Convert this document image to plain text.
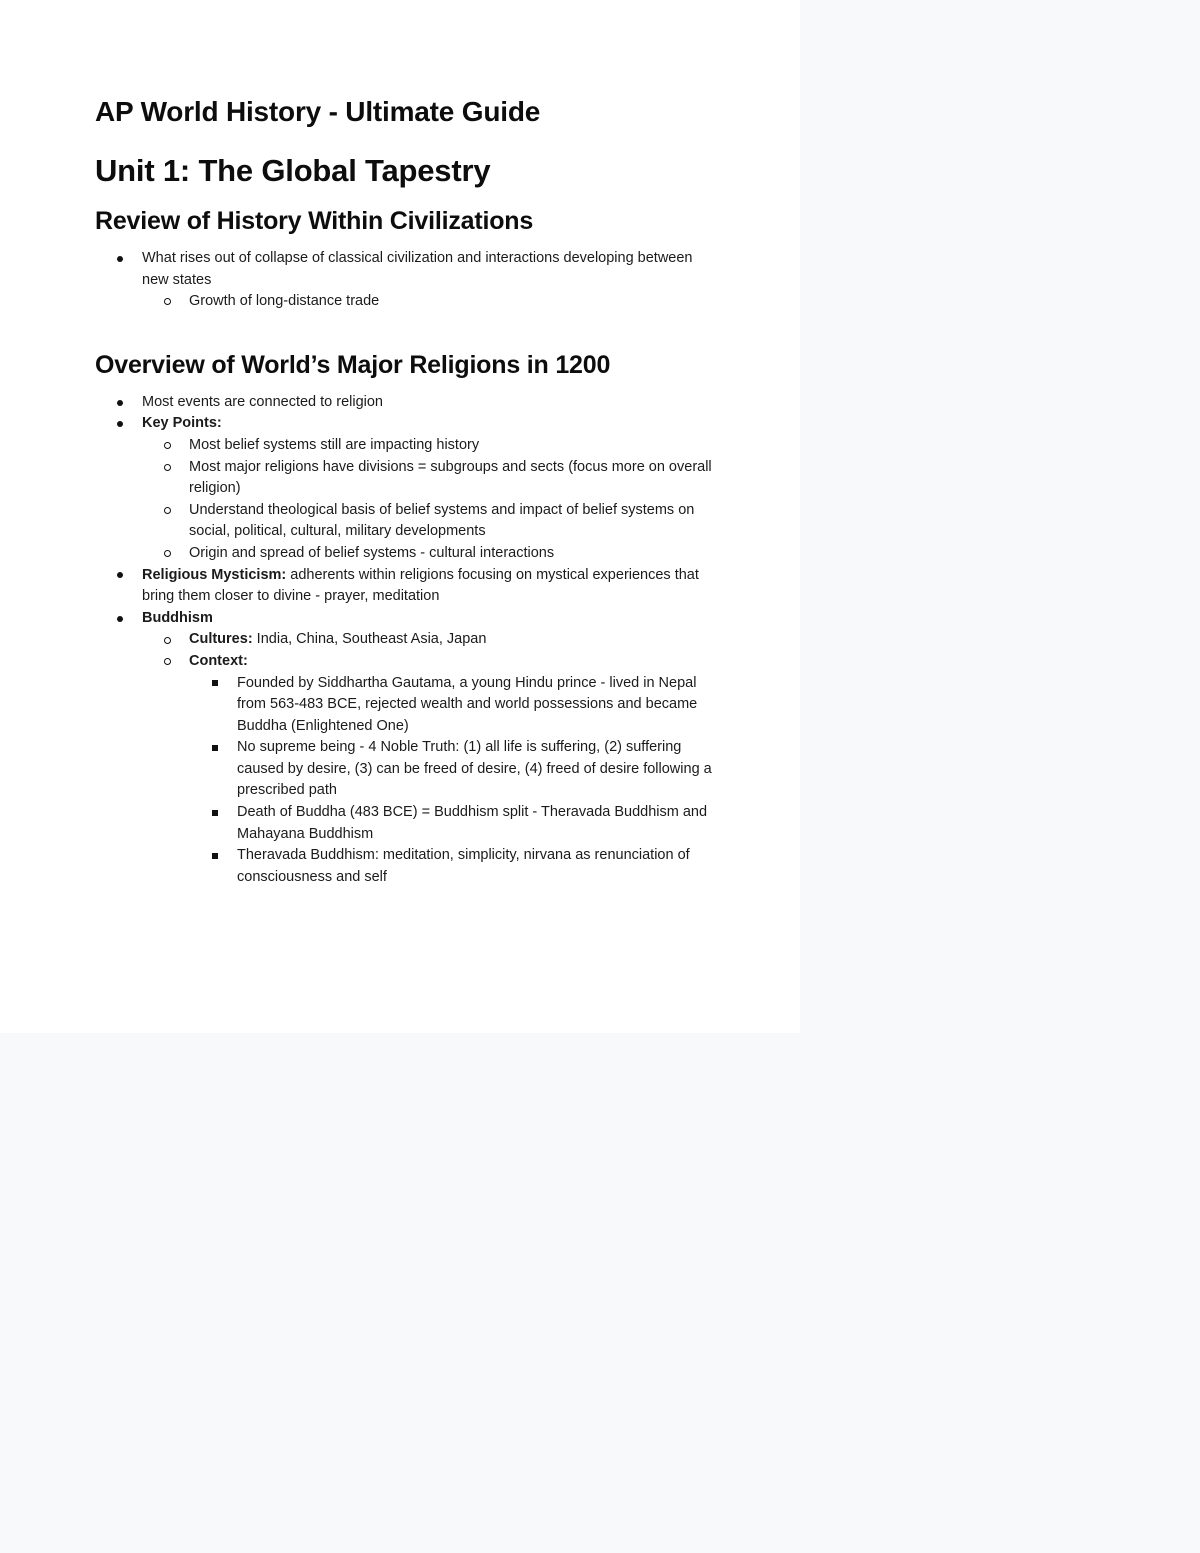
AP World History - Ultimate Guide
Unit 1: The Global Tapestry
Review of History Within Civilizations
What rises out of collapse of classical civilization and interactions developing between new states
Growth of long-distance trade
Overview of World’s Major Religions in 1200
Most events are connected to religion
Key Points:
Most belief systems still are impacting history
Most major religions have divisions = subgroups and sects (focus more on overall religion)
Understand theological basis of belief systems and impact of belief systems on social, political, cultural, military developments
Origin and spread of belief systems - cultural interactions
Religious Mysticism: adherents within religions focusing on mystical experiences that bring them closer to divine - prayer, meditation
Buddhism
Cultures: India, China, Southeast Asia, Japan
Context:
Founded by Siddhartha Gautama, a young Hindu prince - lived in Nepal from 563-483 BCE, rejected wealth and world possessions and became Buddha (Enlightened One)
No supreme being - 4 Noble Truth: (1) all life is suffering, (2) suffering caused by desire, (3) can be freed of desire, (4) freed of desire following a prescribed path
Death of Buddha (483 BCE) = Buddhism split - Theravada Buddhism and Mahayana Buddhism
Theravada Buddhism: meditation, simplicity, nirvana as renunciation of consciousness and self
